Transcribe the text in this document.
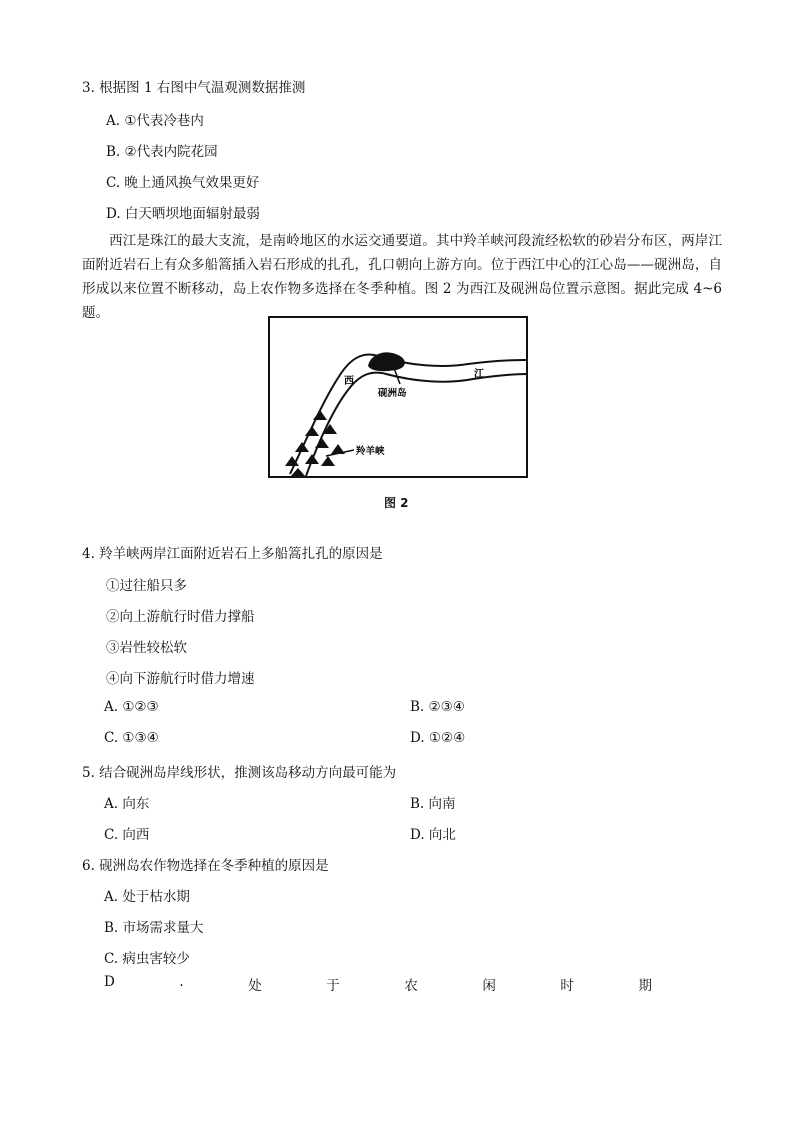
3. 根据图 1 右图中气温观测数据推测
A. ①代表冷巷内
B. ②代表内院花园
C. 晚上通风换气效果更好
D. 白天晒坝地面辐射最弱
西江是珠江的最大支流，是南岭地区的水运交通要道。其中羚羊峡河段流经松软的砂岩分布区，两岸江面附近岩石上有众多船篙插入岩石形成的扎孔，孔口朝向上游方向。位于西江中心的江心岛——砚洲岛，自形成以来位置不断移动，岛上农作物多选择在冬季种植。图 2 为西江及砚洲岛位置示意图。据此完成 4~6 题。
西
江
砚洲岛
羚羊峡
图 2
4. 羚羊峡两岸江面附近岩石上多船篙扎孔的原因是
①过往船只多
②向上游航行时借力撑船
③岩性较松软
④向下游航行时借力增速
A. ①②③	B. ②③④
C. ①③④	D. ①②④
5. 结合砚洲岛岸线形状，推测该岛移动方向最可能为
A. 向东	B. 向南
C. 向西	D. 向北
6. 砚洲岛农作物选择在冬季种植的原因是
A. 处于枯水期
B. 市场需求量大
C. 病虫害较少
D	.	处	于	农	闲	时	期
